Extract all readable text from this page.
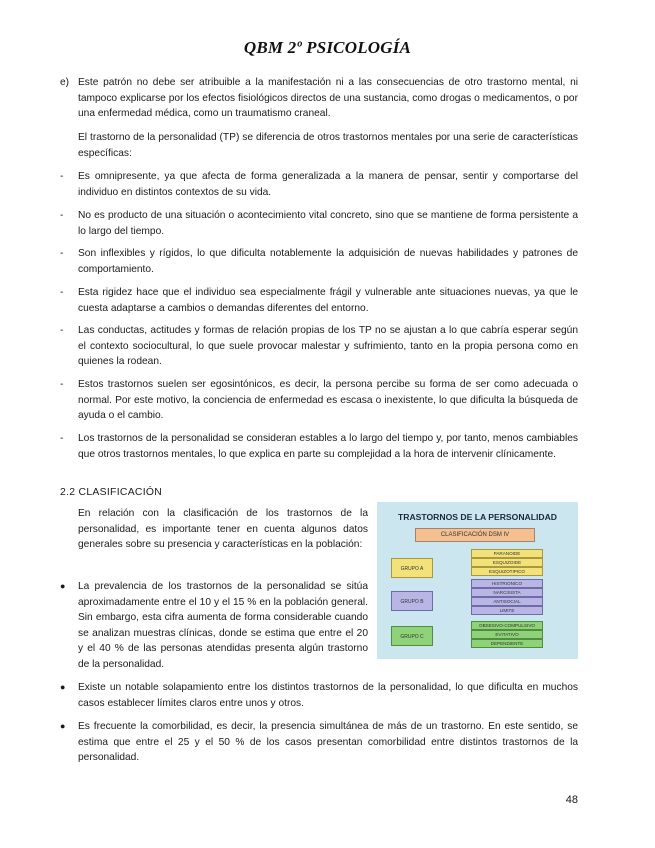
QBM 2º PSICOLOGÍA
e) Este patrón no debe ser atribuible a la manifestación ni a las consecuencias de otro trastorno mental, ni tampoco explicarse por los efectos fisiológicos directos de una sustancia, como drogas o medicamentos, o por una enfermedad médica, como un traumatismo craneal.
El trastorno de la personalidad (TP) se diferencia de otros trastornos mentales por una serie de características específicas:
- Es omnipresente, ya que afecta de forma generalizada a la manera de pensar, sentir y comportarse del individuo en distintos contextos de su vida.
- No es producto de una situación o acontecimiento vital concreto, sino que se mantiene de forma persistente a lo largo del tiempo.
- Son inflexibles y rígidos, lo que dificulta notablemente la adquisición de nuevas habilidades y patrones de comportamiento.
- Esta rigidez hace que el individuo sea especialmente frágil y vulnerable ante situaciones nuevas, ya que le cuesta adaptarse a cambios o demandas diferentes del entorno.
- Las conductas, actitudes y formas de relación propias de los TP no se ajustan a lo que cabría esperar según el contexto sociocultural, lo que suele provocar malestar y sufrimiento, tanto en la propia persona como en quienes la rodean.
- Estos trastornos suelen ser egosintónicos, es decir, la persona percibe su forma de ser como adecuada o normal. Por este motivo, la conciencia de enfermedad es escasa o inexistente, lo que dificulta la búsqueda de ayuda o el cambio.
- Los trastornos de la personalidad se consideran estables a lo largo del tiempo y, por tanto, menos cambiables que otros trastornos mentales, lo que explica en parte su complejidad a la hora de intervenir clínicamente.
2.2 CLASIFICACIÓN
En relación con la clasificación de los trastornos de la personalidad, es importante tener en cuenta algunos datos generales sobre su presencia y características en la población:
● La prevalencia de los trastornos de la personalidad se sitúa aproximadamente entre el 10 y el 15 % en la población general. Sin embargo, esta cifra aumenta de forma considerable cuando se analizan muestras clínicas, donde se estima que entre el 20 y el 40 % de las personas atendidas presenta algún trastorno de la personalidad.
● Existe un notable solapamiento entre los distintos trastornos de la personalidad, lo que dificulta en muchos casos establecer límites claros entre unos y otros.
● Es frecuente la comorbilidad, es decir, la presencia simultánea de más de un trastorno. En este sentido, se estima que entre el 25 y el 50 % de los casos presentan comorbilidad entre distintos trastornos de la personalidad.
TRASTORNOS DE LA PERSONALIDAD
CLASIFICACIÓN DSM IV
GRUPO A
PARANOIDE
ESQUIZOIDE
ESQUIZOTIPICO
GRUPO B
HISTRIONICO
NARCISISTA
ANTISOCIAL
LIMITE
GRUPO C
OBSESIVO-COMPULSIVO
EVITATIVO
DEPENDIENTE
48
